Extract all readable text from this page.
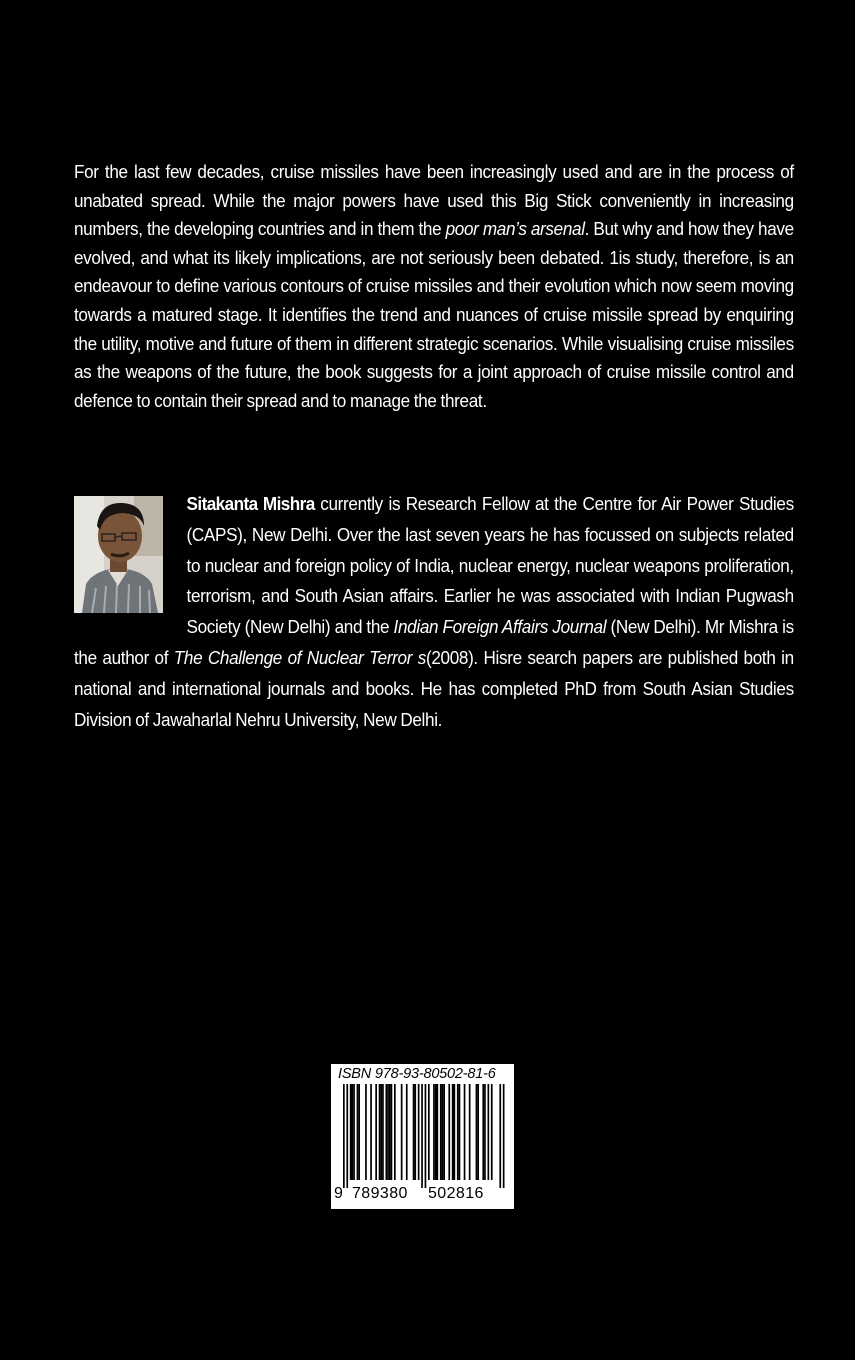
For the last few decades, cruise missiles have been increasingly used and are in the process of unabated spread. While the major powers have used this Big Stick conveniently in increasing numbers, the developing countries and in them the poor man’s arsenal. But why and how they have evolved, and what its likely implications, are not seriously been debated. 1is study, therefore, is an endeavour to define various contours of cruise missiles and their evolution which now seem moving towards a matured stage. It identifies the trend and nuances of cruise missile spread by enquiring the utility, motive and future of them in different strategic scenarios. While visualising cruise missiles as the weapons of the future, the book suggests for a joint approach of cruise missile control and defence to contain their spread and to manage the threat.

Sitakanta Mishra currently is Research Fellow at the Centre for Air Power Studies (CAPS), New Delhi. Over the last seven years he has focussed on subjects related to nuclear and foreign policy of India, nuclear energy, nuclear weapons proliferation, terrorism, and South Asian affairs. Earlier he was associated with Indian Pugwash Society (New Delhi) and the Indian Foreign Affairs Journal (New Delhi). Mr Mishra is the author of The Challenge of Nuclear Terror s(2008). Hisre search papers are published both in national and international journals and books. He has completed PhD from South Asian Studies Division of Jawaharlal Nehru University, New Delhi.

ISBN 978-93-80502-81-6
9 789380 502816
